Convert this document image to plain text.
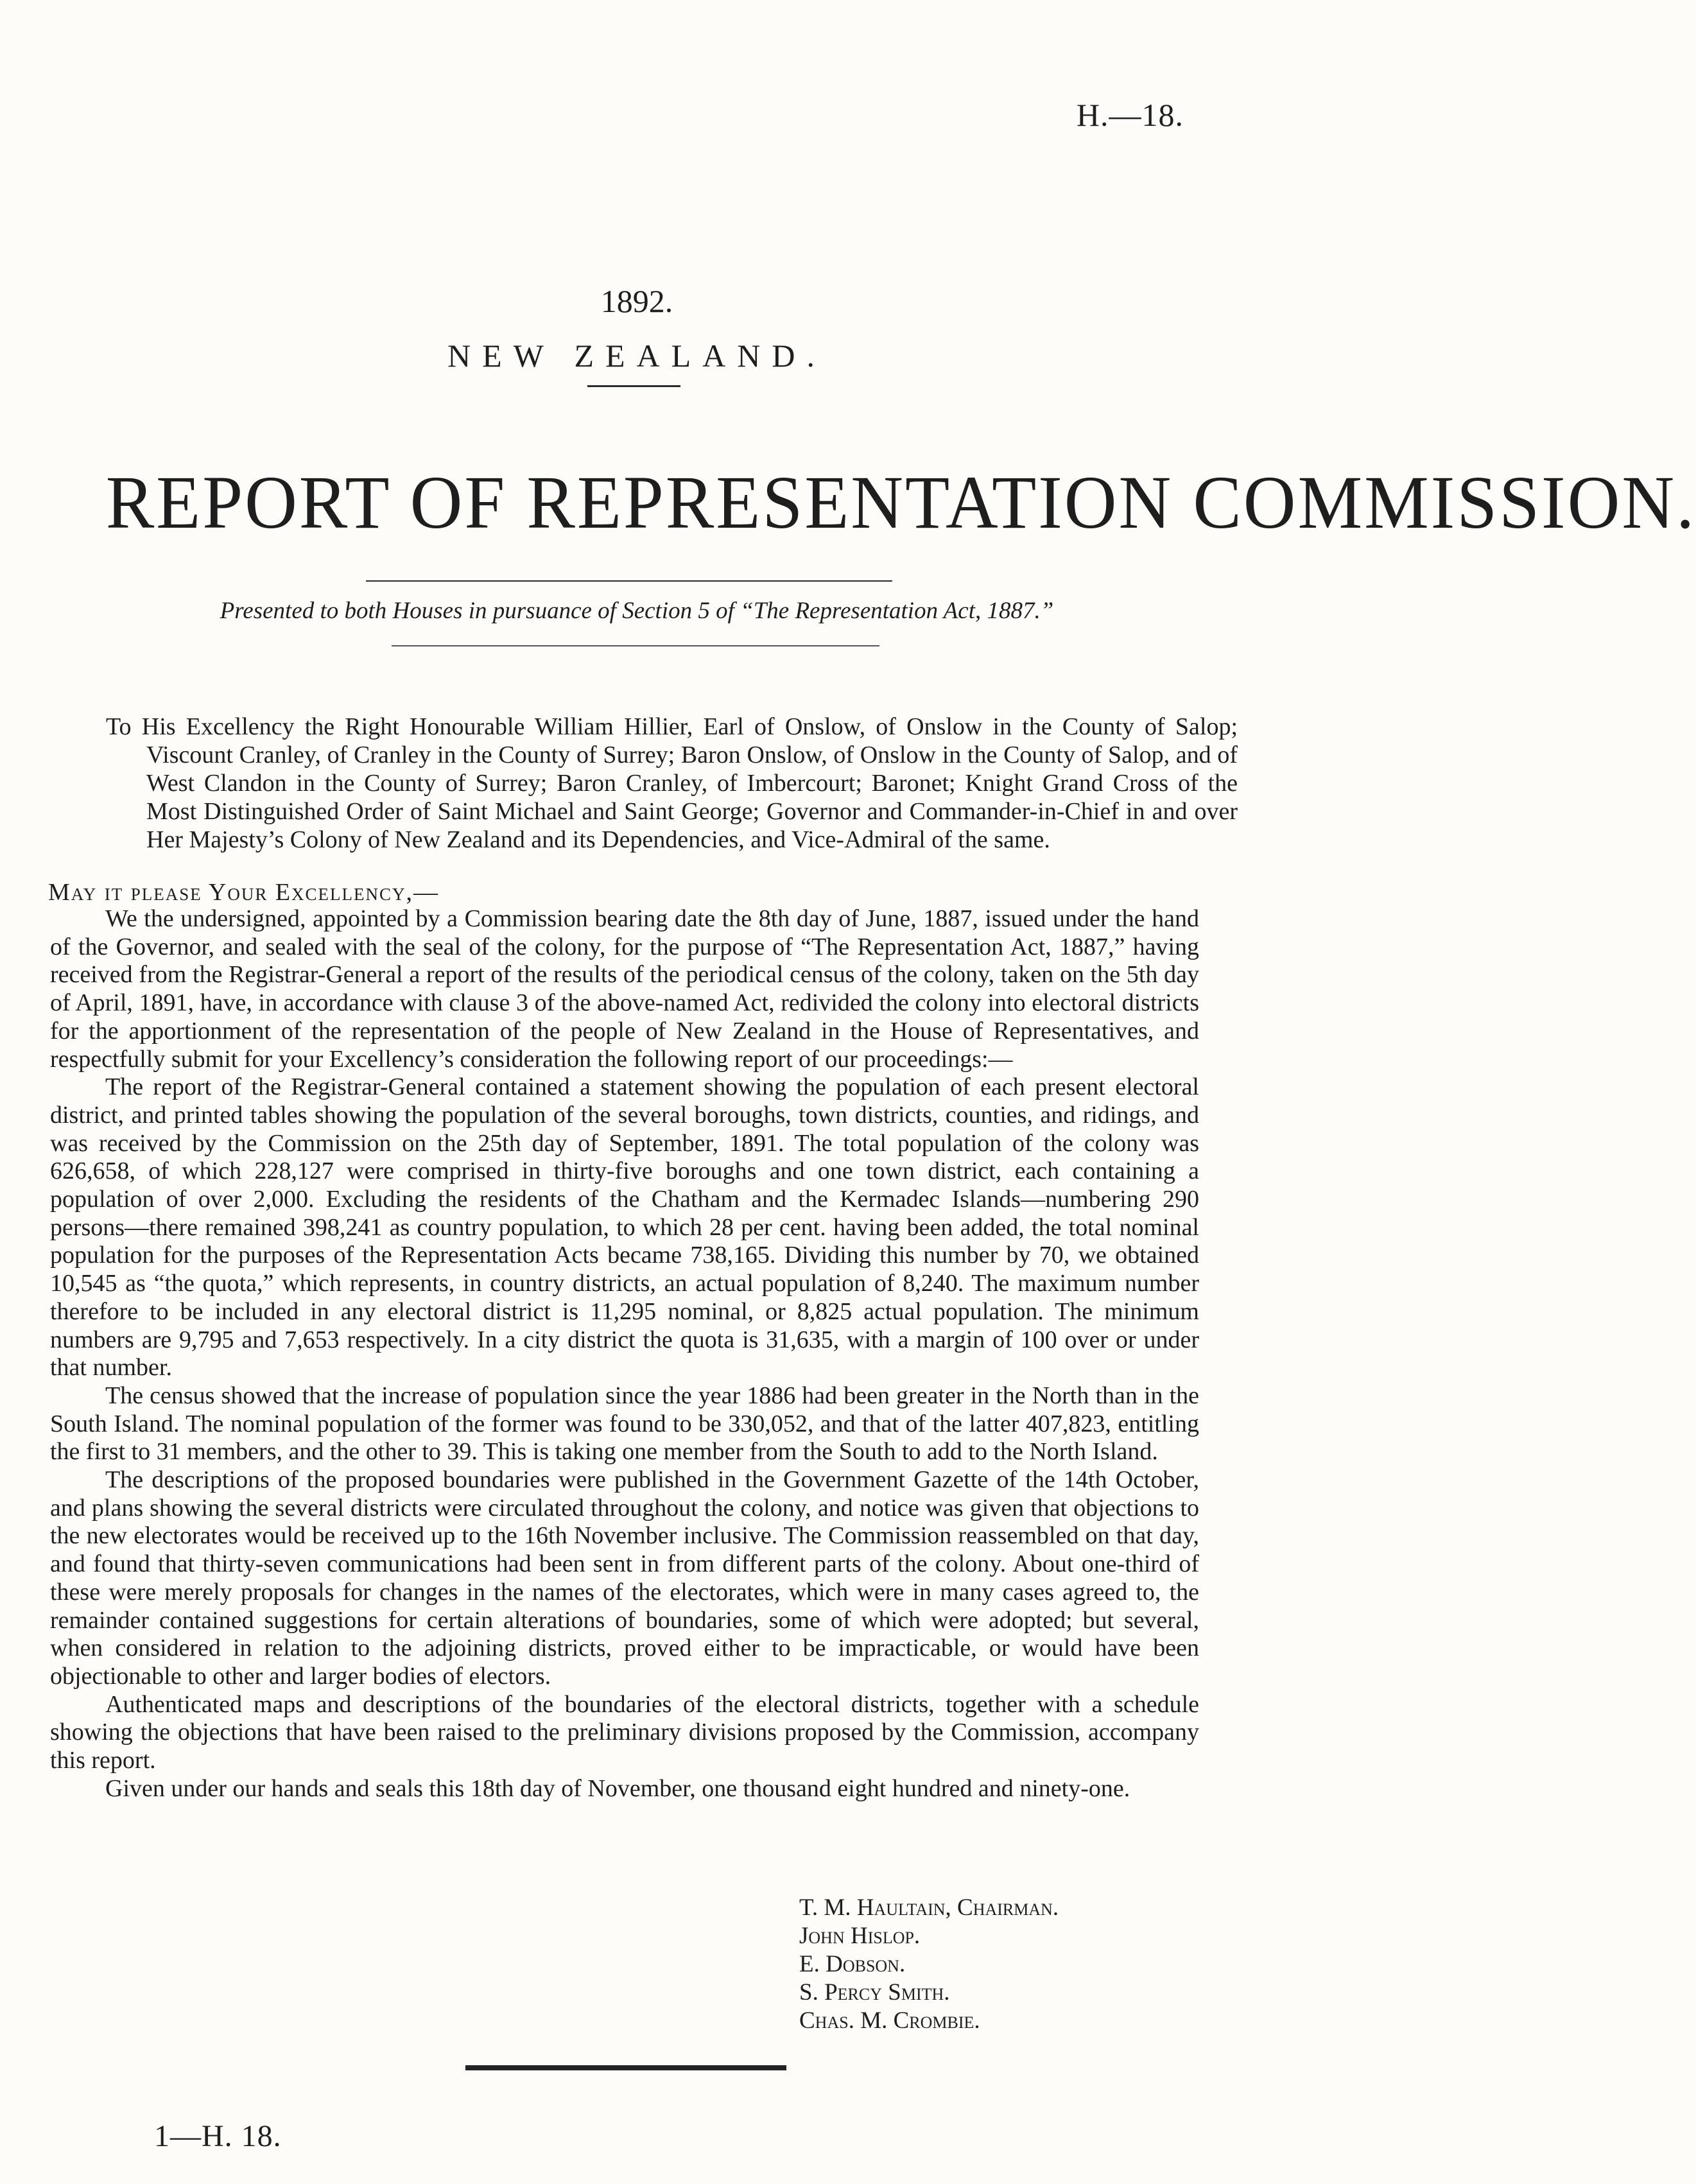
H.—18.
1892.
NEW ZEALAND.
REPORT OF REPRESENTATION COMMISSION.
Presented to both Houses in pursuance of Section 5 of “The Representation Act, 1887.”
To His Excellency the Right Honourable William Hillier, Earl of Onslow, of Onslow in the County of Salop; Viscount Cranley, of Cranley in the County of Surrey; Baron Onslow, of Onslow in the County of Salop, and of West Clandon in the County of Surrey; Baron Cranley, of Imbercourt; Baronet; Knight Grand Cross of the Most Distinguished Order of Saint Michael and Saint George; Governor and Commander-in-Chief in and over Her Majesty’s Colony of New Zealand and its Dependencies, and Vice-Admiral of the same.
May it please Your Excellency,—

We the undersigned, appointed by a Commission bearing date the 8th day of June, 1887, issued under the hand of the Governor, and sealed with the seal of the colony, for the purpose of “The Representation Act, 1887,” having received from the Registrar-General a report of the results of the periodical census of the colony, taken on the 5th day of April, 1891, have, in accordance with clause 3 of the above-named Act, redivided the colony into electoral districts for the apportionment of the representation of the people of New Zealand in the House of Representatives, and respectfully submit for your Excellency’s consideration the following report of our proceedings:—

The report of the Registrar-General contained a statement showing the population of each present electoral district, and printed tables showing the population of the several boroughs, town districts, counties, and ridings, and was received by the Commission on the 25th day of September, 1891. The total population of the colony was 626,658, of which 228,127 were comprised in thirty-five boroughs and one town district, each containing a population of over 2,000. Excluding the residents of the Chatham and the Kermadec Islands—numbering 290 persons—there remained 398,241 as country population, to which 28 per cent. having been added, the total nominal population for the purposes of the Representation Acts became 738,165. Dividing this number by 70, we obtained 10,545 as “the quota,” which represents, in country districts, an actual population of 8,240. The maximum number therefore to be included in any electoral district is 11,295 nominal, or 8,825 actual population. The minimum numbers are 9,795 and 7,653 respectively. In a city district the quota is 31,635, with a margin of 100 over or under that number.

The census showed that the increase of population since the year 1886 had been greater in the North than in the South Island. The nominal population of the former was found to be 330,052, and that of the latter 407,823, entitling the first to 31 members, and the other to 39. This is taking one member from the South to add to the North Island.

The descriptions of the proposed boundaries were published in the Government Gazette of the 14th October, and plans showing the several districts were circulated throughout the colony, and notice was given that objections to the new electorates would be received up to the 16th November inclusive. The Commission reassembled on that day, and found that thirty-seven communications had been sent in from different parts of the colony. About one-third of these were merely proposals for changes in the names of the electorates, which were in many cases agreed to, the remainder contained suggestions for certain alterations of boundaries, some of which were adopted; but several, when considered in relation to the adjoining districts, proved either to be impracticable, or would have been objectionable to other and larger bodies of electors.

Authenticated maps and descriptions of the boundaries of the electoral districts, together with a schedule showing the objections that have been raised to the preliminary divisions proposed by the Commission, accompany this report.

Given under our hands and seals this 18th day of November, one thousand eight hundred and ninety-one.

T. M. Haultain, Chairman.
John Hislop.
E. Dobson.
S. Percy Smith.
Chas. M. Crombie.
1—H. 18.
